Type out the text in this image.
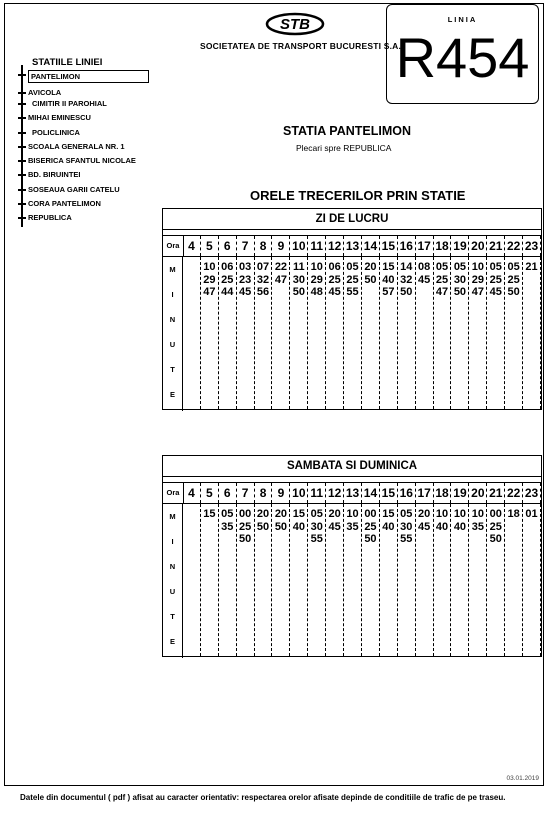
STB
SOCIETATEA DE TRANSPORT BUCURESTI S.A.
LINIA
R454
STATIILE LINIEI
PANTELIMON
AVICOLA
CIMITIR II PAROHIAL
MIHAI EMINESCU
POLICLINICA
SCOALA GENERALA NR. 1
BISERICA SFANTUL NICOLAE
BD. BIRUINTEI
SOSEAUA GARII CATELU
CORA PANTELIMON
REPUBLICA
STATIA PANTELIMON
Plecari spre REPUBLICA
ORELE TRECERILOR PRIN STATIE
ZI DE LUCRU
Ora 4 5 6 7 8 9 10 11 12 13 14 15 16 17 18 19 20 21 22 23
M
I
N
U
T
E
10
29
47
06
25
44
03
23
45
07
32
56
22
47
11
30
50
10
29
48
06
25
45
05
25
55
20
50
15
40
57
14
32
50
08
45
05
25
47
05
30
50
10
29
47
05
25
45
05
25
50
21
SAMBATA SI DUMINICA
Ora 4 5 6 7 8 9 10 11 12 13 14 15 16 17 18 19 20 21 22 23
M
I
N
U
T
E
15 05
35
00
25
50
20
50
20
50
15
40
05
30
55
20
45
10
35
00
25
50
15
40
05
30
55
20
45
10
40
10
40
10
35
00
25
50
18 01
03.01.2019
Datele din documentul ( pdf ) afisat au caracter orientativ: respectarea orelor afisate depinde de conditiile de trafic de pe traseu.
